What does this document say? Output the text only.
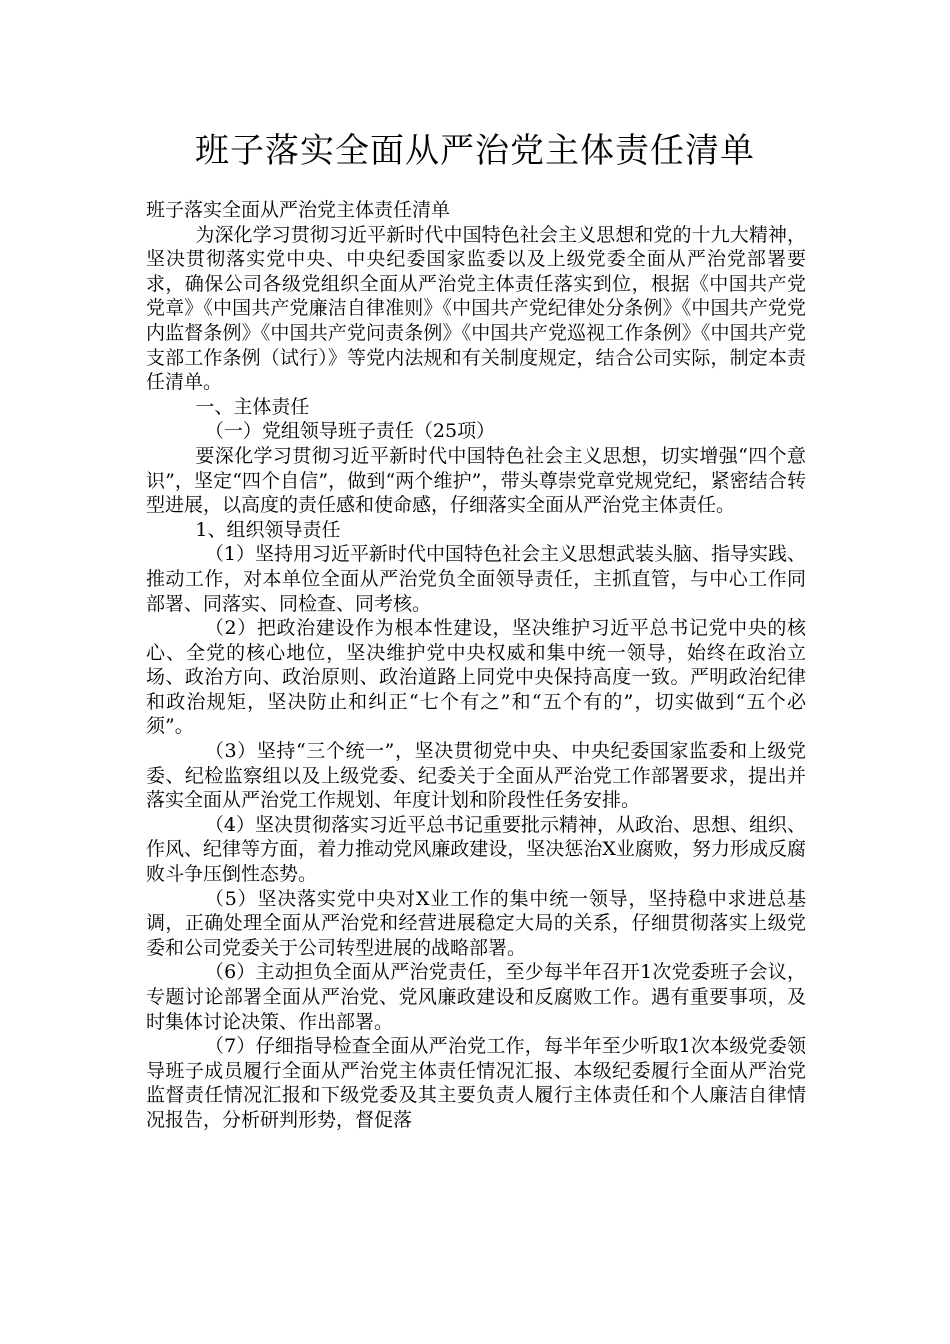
班子落实全面从严治党主体责任清单

班子落实全面从严治党主体责任清单

为深化学习贯彻习近平新时代中国特色社会主义思想和党的十九大精神，坚决贯彻落实党中央、中央纪委国家监委以及上级党委全面从严治党部署要求，确保公司各级党组织全面从严治党主体责任落实到位，根据《中国共产党党章》《中国共产党廉洁自律准则》《中国共产党纪律处分条例》《中国共产党党内监督条例》《中国共产党问责条例》《中国共产党巡视工作条例》《中国共产党支部工作条例（试行）》等党内法规和有关制度规定，结合公司实际，制定本责任清单。

一、主体责任

（一）党组领导班子责任（25项）

要深化学习贯彻习近平新时代中国特色社会主义思想，切实增强“四个意识”，坚定“四个自信”，做到“两个维护”，带头尊崇党章党规党纪，紧密结合转型进展，以高度的责任感和使命感，仔细落实全面从严治党主体责任。

1、组织领导责任

（1）坚持用习近平新时代中国特色社会主义思想武装头脑、指导实践、推动工作，对本单位全面从严治党负全面领导责任，主抓直管，与中心工作同部署、同落实、同检查、同考核。

（2）把政治建设作为根本性建设，坚决维护习近平总书记党中央的核心、全党的核心地位，坚决维护党中央权威和集中统一领导，始终在政治立场、政治方向、政治原则、政治道路上同党中央保持高度一致。严明政治纪律和政治规矩，坚决防止和纠正“七个有之”和“五个有的”，切实做到“五个必须”。

（3）坚持“三个统一”，坚决贯彻党中央、中央纪委国家监委和上级党委、纪检监察组以及上级党委、纪委关于全面从严治党工作部署要求，提出并落实全面从严治党工作规划、年度计划和阶段性任务安排。

（4）坚决贯彻落实习近平总书记重要批示精神，从政治、思想、组织、作风、纪律等方面，着力推动党风廉政建设，坚决惩治X业腐败，努力形成反腐败斗争压倒性态势。

（5）坚决落实党中央对X业工作的集中统一领导，坚持稳中求进总基调，正确处理全面从严治党和经营进展稳定大局的关系，仔细贯彻落实上级党委和公司党委关于公司转型进展的战略部署。

（6）主动担负全面从严治党责任，至少每半年召开1次党委班子会议，专题讨论部署全面从严治党、党风廉政建设和反腐败工作。遇有重要事项，及时集体讨论决策、作出部署。

（7）仔细指导检查全面从严治党工作，每半年至少听取1次本级党委领导班子成员履行全面从严治党主体责任情况汇报、本级纪委履行全面从严治党监督责任情况汇报和下级党委及其主要负责人履行主体责任和个人廉洁自律情况报告，分析研判形势，督促落
